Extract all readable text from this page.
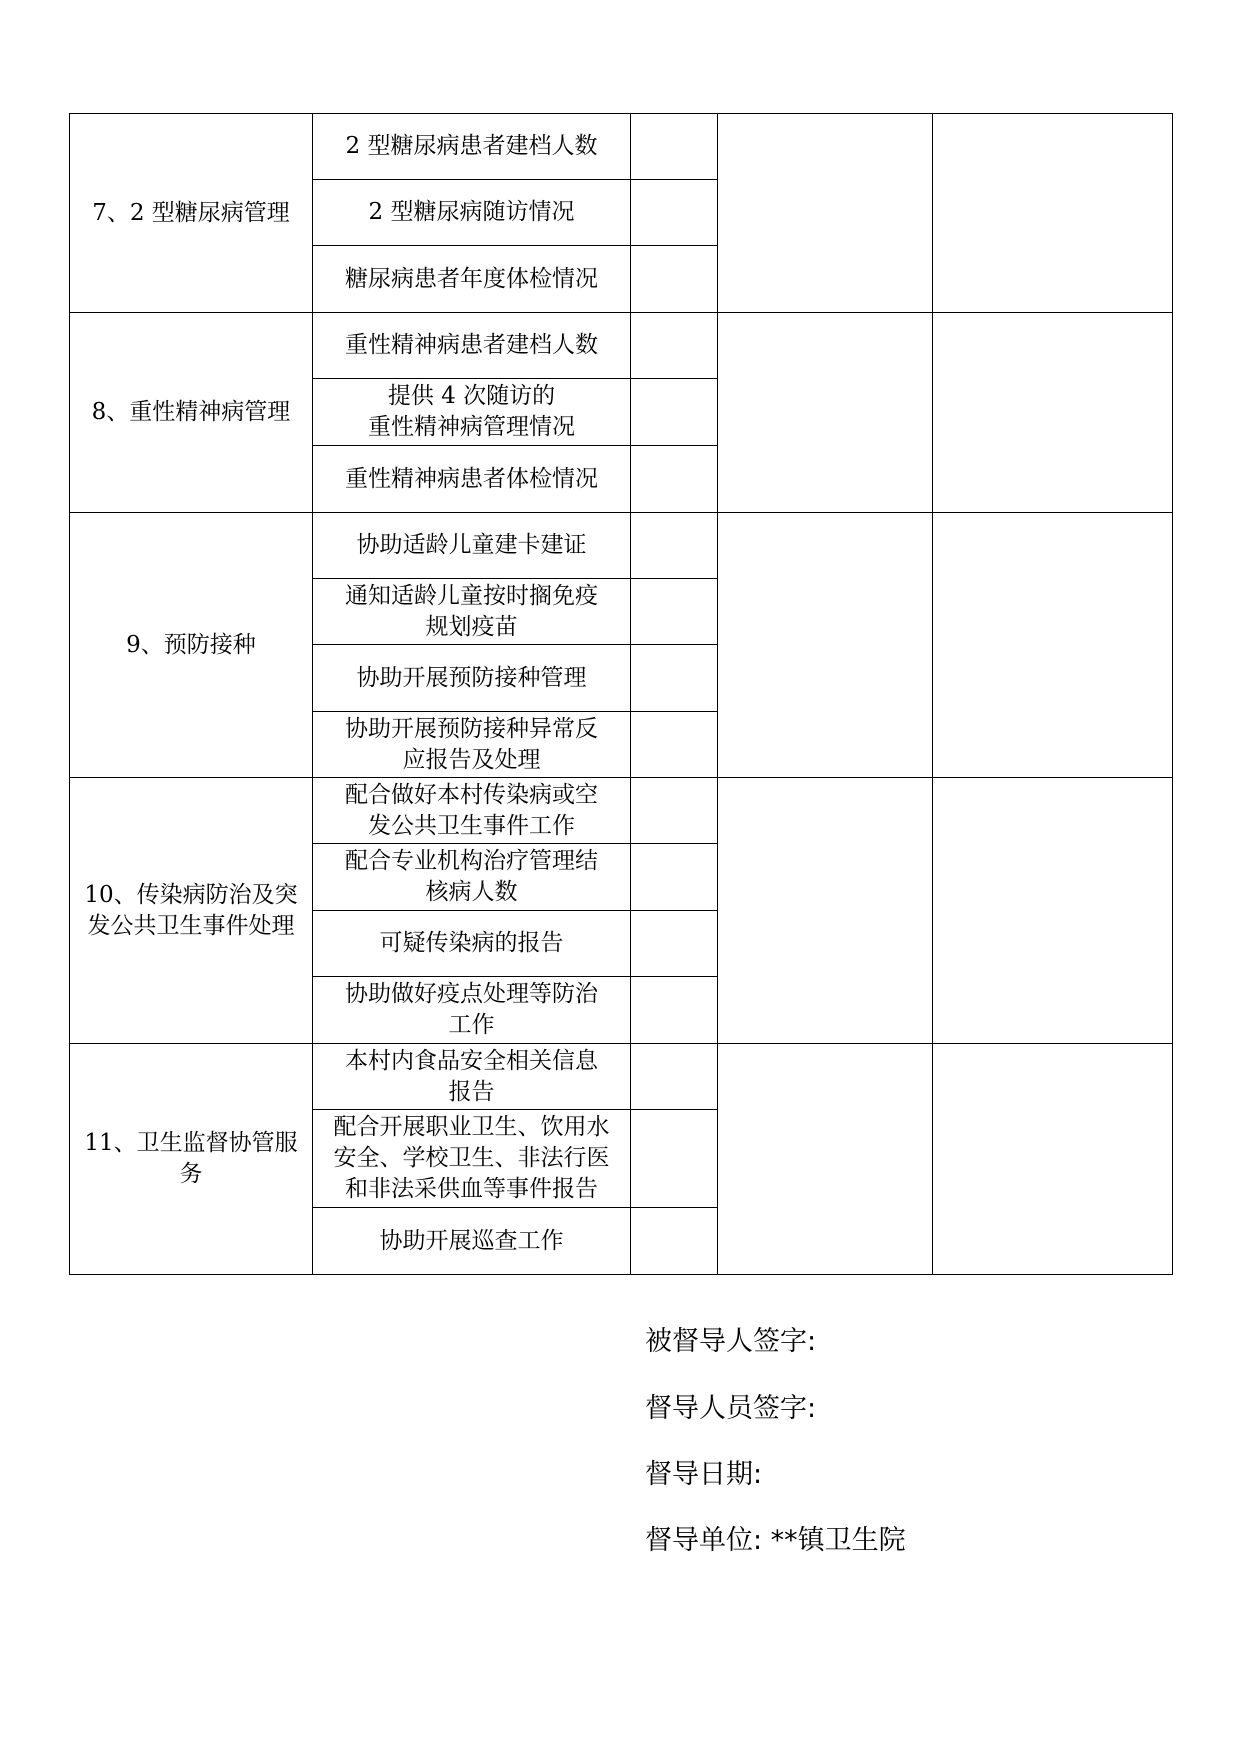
7、2 型糖尿病管理	2 型糖尿病患者建档人数			
	2 型糖尿病随访情况			
	糖尿病患者年度体检情况			
8、重性精神病管理	重性精神病患者建档人数			
	提供 4 次随访的
重性精神病管理情况			
	重性精神病患者体检情况			
9、预防接种	协助适龄儿童建卡建证			
	通知适龄儿童按时搁免疫
规划疫苗			
	协助开展预防接种管理			
	协助开展预防接种异常反
应报告及处理			
10、传染病防治及突发公共卫生事件处理	配合做好本村传染病或空
发公共卫生事件工作			
	配合专业机构治疗管理结
核病人数			
	可疑传染病的报告			
	协助做好疫点处理等防治
工作			
11、卫生监督协管服务	本村内食品安全相关信息
报告			
	配合开展职业卫生、饮用水
安全、学校卫生、非法行医
和非法采供血等事件报告			
	协助开展巡查工作			
被督导人签字:
督导人员签字:
督导日期:
督导单位: **镇卫生院
